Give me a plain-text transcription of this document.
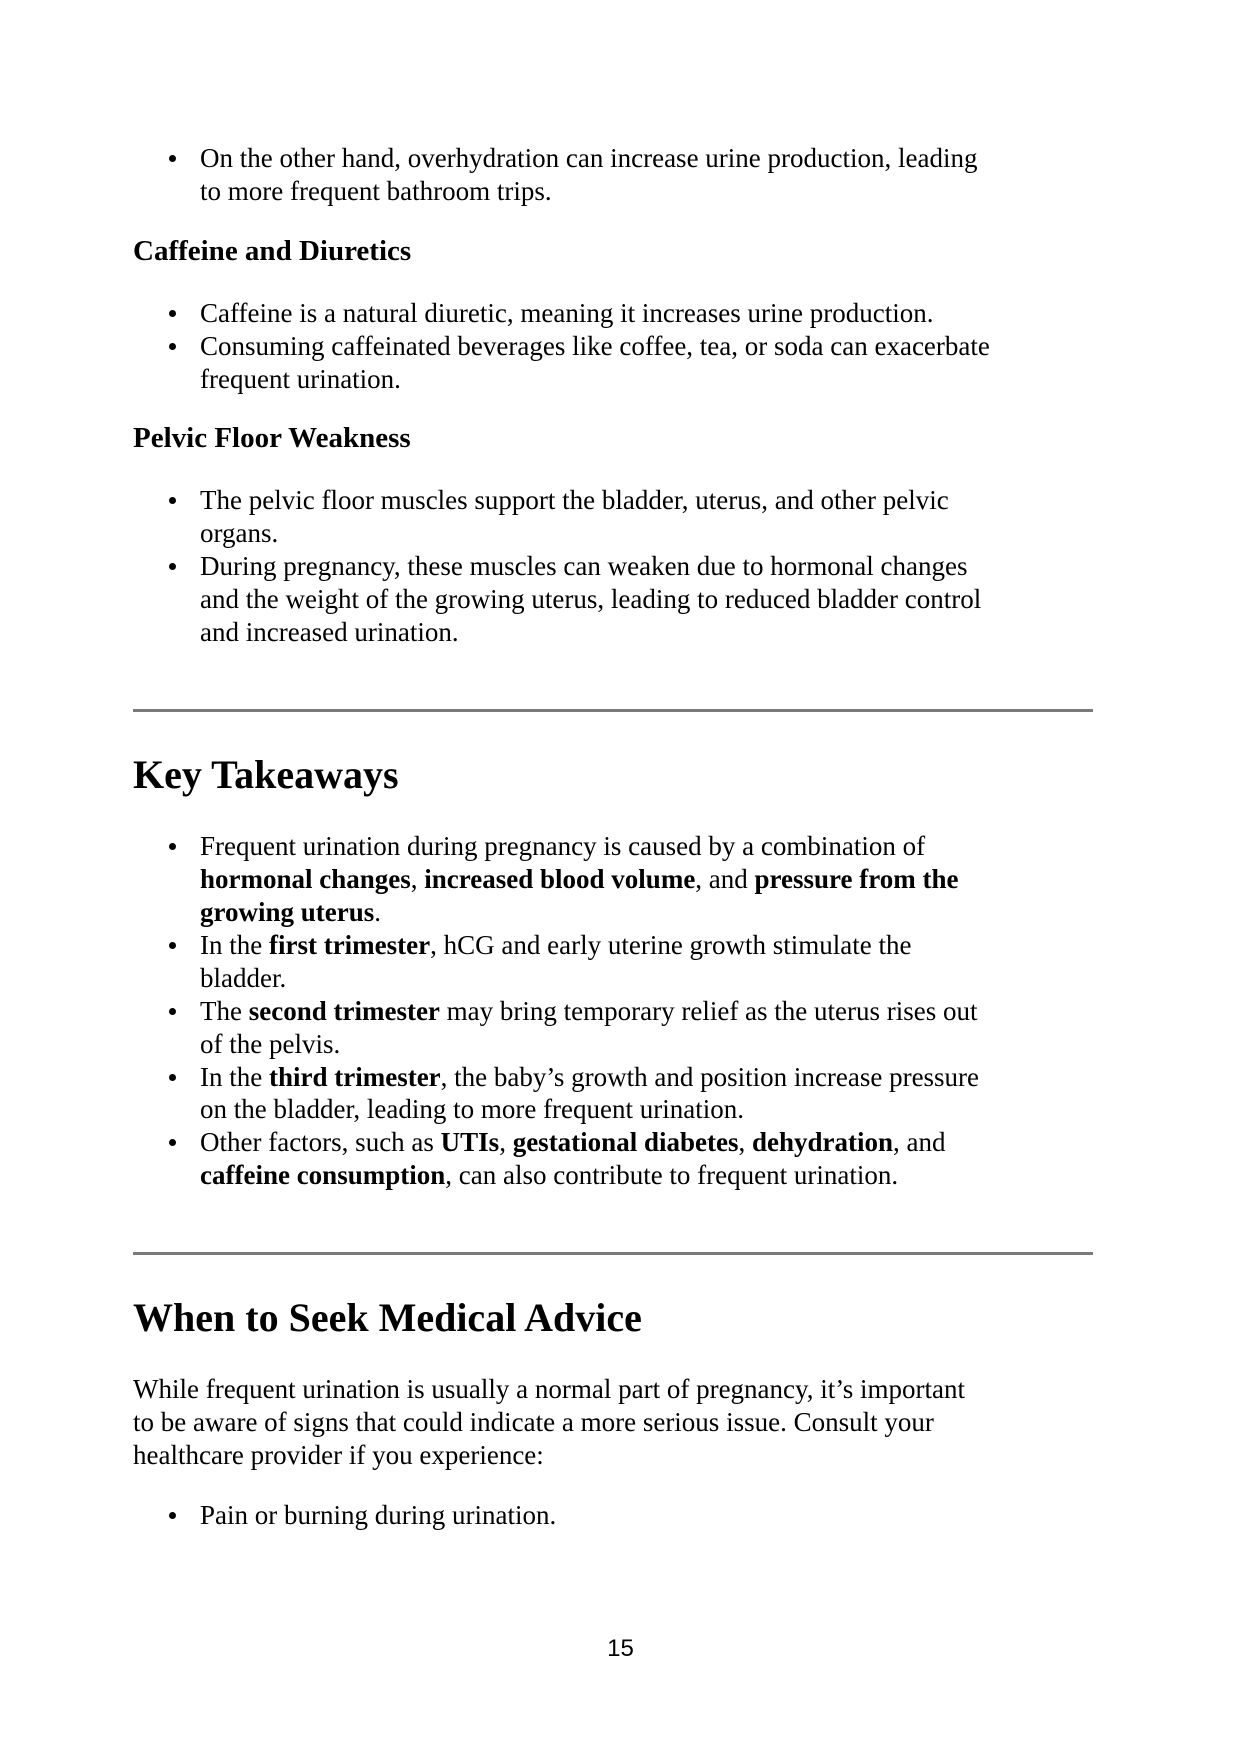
On the other hand, overhydration can increase urine production, leading to more frequent bathroom trips.
Caffeine and Diuretics
Caffeine is a natural diuretic, meaning it increases urine production.
Consuming caffeinated beverages like coffee, tea, or soda can exacerbate frequent urination.
Pelvic Floor Weakness
The pelvic floor muscles support the bladder, uterus, and other pelvic organs.
During pregnancy, these muscles can weaken due to hormonal changes and the weight of the growing uterus, leading to reduced bladder control and increased urination.
Key Takeaways
Frequent urination during pregnancy is caused by a combination of hormonal changes, increased blood volume, and pressure from the growing uterus.
In the first trimester, hCG and early uterine growth stimulate the bladder.
The second trimester may bring temporary relief as the uterus rises out of the pelvis.
In the third trimester, the baby’s growth and position increase pressure on the bladder, leading to more frequent urination.
Other factors, such as UTIs, gestational diabetes, dehydration, and caffeine consumption, can also contribute to frequent urination.
When to Seek Medical Advice

While frequent urination is usually a normal part of pregnancy, it’s important to be aware of signs that could indicate a more serious issue. Consult your healthcare provider if you experience:

Pain or burning during urination.
15
